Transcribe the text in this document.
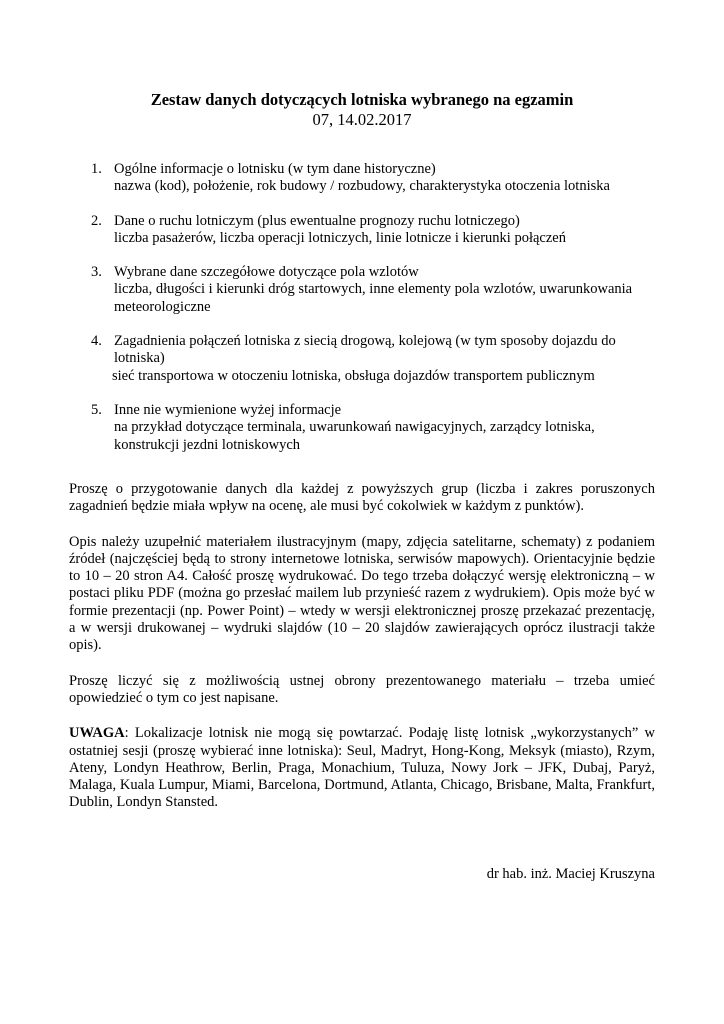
Zestaw danych dotyczących lotniska wybranego na egzamin
07, 14.02.2017
1. Ogólne informacje o lotnisku (w tym dane historyczne)
nazwa (kod), położenie, rok budowy / rozbudowy, charakterystyka otoczenia lotniska
2. Dane o ruchu lotniczym (plus ewentualne prognozy ruchu lotniczego)
liczba pasażerów, liczba operacji lotniczych, linie lotnicze i kierunki połączeń
3. Wybrane dane szczegółowe dotyczące pola wzlotów
liczba, długości i kierunki dróg startowych, inne elementy pola wzlotów, uwarunkowania meteorologiczne
4. Zagadnienia połączeń lotniska z siecią drogową, kolejową (w tym sposoby dojazdu do lotniska)
sieć transportowa w otoczeniu lotniska, obsługa dojazdów transportem publicznym
5. Inne nie wymienione wyżej informacje
na przykład dotyczące terminala, uwarunkowań nawigacyjnych, zarządcy lotniska, konstrukcji jezdni lotniskowych

Proszę o przygotowanie danych dla każdej z powyższych grup (liczba i zakres poruszonych zagadnień będzie miała wpływ na ocenę, ale musi być cokolwiek w każdym z punktów).

Opis należy uzupełnić materiałem ilustracyjnym (mapy, zdjęcia satelitarne, schematy) z podaniem źródeł (najczęściej będą to strony internetowe lotniska, serwisów mapowych). Orientacyjnie będzie to 10 – 20 stron A4. Całość proszę wydrukować. Do tego trzeba dołączyć wersję elektroniczną – w postaci pliku PDF (można go przesłać mailem lub przynieść razem z wydrukiem). Opis może być w formie prezentacji (np. Power Point) – wtedy w wersji elektronicznej proszę przekazać prezentację, a w wersji drukowanej – wydruki slajdów (10 – 20 slajdów zawierających oprócz ilustracji także opis).

Proszę liczyć się z możliwością ustnej obrony prezentowanego materiału – trzeba umieć opowiedzieć o tym co jest napisane.

UWAGA: Lokalizacje lotnisk nie mogą się powtarzać. Podaję listę lotnisk „wykorzystanych” w ostatniej sesji (proszę wybierać inne lotniska): Seul, Madryt, Hong-Kong, Meksyk (miasto), Rzym, Ateny, Londyn Heathrow, Berlin, Praga, Monachium, Tuluza, Nowy Jork – JFK, Dubaj, Paryż, Malaga, Kuala Lumpur, Miami, Barcelona, Dortmund, Atlanta, Chicago, Brisbane, Malta, Frankfurt, Dublin, Londyn Stansted.

dr hab. inż. Maciej Kruszyna
